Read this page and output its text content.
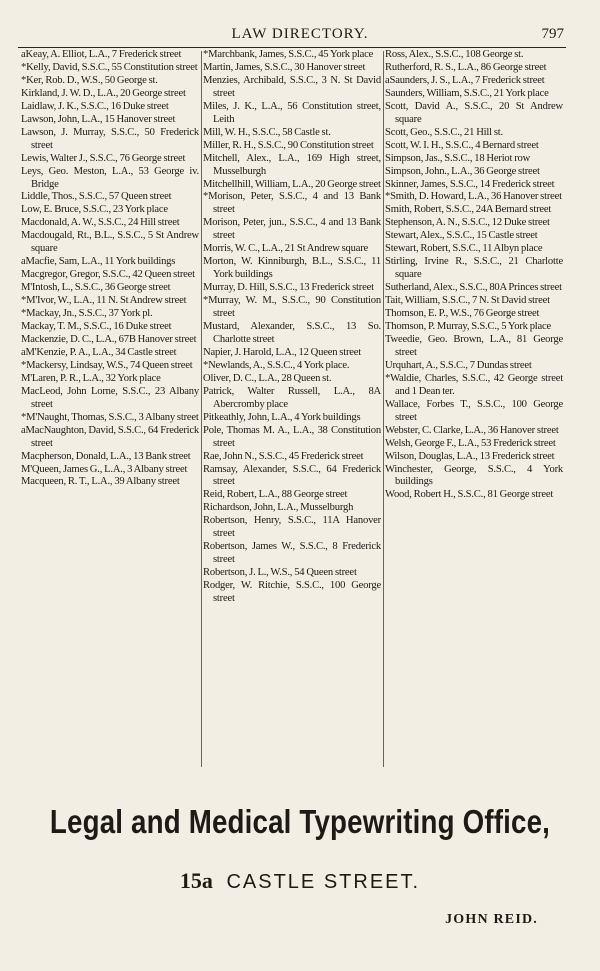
LAW DIRECTORY.	797
aKeay, A. Elliot, L.A., 7 Frederick street
*Kelly, David, S.S.C., 55 Constitution street
*Ker, Rob. D., W.S., 50 George st.
Kirkland, J. W. D., L.A., 20 George street
Laidlaw, J. K., S.S.C., 16 Duke street
Lawson, John, L.A., 15 Hanover street
Lawson, J. Murray, S.S.C., 50 Frederick street
Lewis, Walter J., S.S.C., 76 George street
Leys, Geo. Meston, L.A., 53 George iv. Bridge
Liddle, Thos., S.S.C., 57 Queen street
Low, E. Bruce, S.S.C., 23 York place
Macdonald, A. W., S.S.C., 24 Hill street
Macdougald, Rt., B.L., S.S.C., 5 St Andrew square
aMacfie, Sam, L.A., 11 York buildings
Macgregor, Gregor, S.S.C., 42 Queen street
M'Intosh, L., S.S.C., 36 George street
*M'Ivor, W., L.A., 11 N. St Andrew street
*Mackay, Jn., S.S.C., 37 York pl.
Mackay, T. M., S.S.C., 16 Duke street
Mackenzie, D. C., L.A., 67B Hanover street
aM'Kenzie, P. A., L.A., 34 Castle street
*Mackersy, Lindsay, W.S., 74 Queen street
M'Laren, P. R., L.A., 32 York place
MacLeod, John Lorne, S.S.C., 23 Albany street
*M'Naught, Thomas, S.S.C., 3 Albany street
aMacNaughton, David, S.S.C., 64 Frederick street
Macpherson, Donald, L.A., 13 Bank street
M'Queen, James G., L.A., 3 Albany street
Macqueen, R. T., L.A., 39 Albany street
*Marchbank, James, S.S.C., 45 York place
Martin, James, S.S.C., 30 Hanover street
Menzies, Archibald, S.S.C., 3 N. St David street
Miles, J. K., L.A., 56 Constitution street, Leith
Mill, W. H., S.S.C., 58 Castle st.
Miller, R. H., S.S.C., 90 Constitution street
Mitchell, Alex., L.A., 169 High street, Musselburgh
Mitchellhill, William, L.A., 20 George street
*Morison, Peter, S.S.C., 4 and 13 Bank street
Morison, Peter, jun., S.S.C., 4 and 13 Bank street
Morris, W. C., L.A., 21 St Andrew square
Morton, W. Kinniburgh, B.L., S.S.C., 11 York buildings
Murray, D. Hill, S.S.C., 13 Frederick street
*Murray, W. M., S.S.C., 90 Constitution street
Mustard, Alexander, S.S.C., 13 So. Charlotte street
Napier, J. Harold, L.A., 12 Queen street
*Newlands, A., S.S.C., 4 York place.
Oliver, D. C., L.A., 28 Queen st.
Patrick, Walter Russell, L.A., 8A Abercromby place
Pitkeathly, John, L.A., 4 York buildings
Pole, Thomas M. A., L.A., 38 Constitution street
Rae, John N., S.S.C., 45 Frederick street
Ramsay, Alexander, S.S.C., 64 Frederick street
Reid, Robert, L.A., 88 George street
Richardson, John, L.A., Musselburgh
Robertson, Henry, S.S.C., 11A Hanover street
Robertson, James W., S.S.C., 8 Frederick street
Robertson, J. L., W.S., 54 Queen street
Rodger, W. Ritchie, S.S.C., 100 George street
Ross, Alex., S.S.C., 108 George st.
Rutherford, R. S., L.A., 86 George street
aSaunders, J. S., L.A., 7 Frederick street
Saunders, William, S.S.C., 21 York place
Scott, David A., S.S.C., 20 St Andrew square
Scott, Geo., S.S.C., 21 Hill st.
Scott, W. I. H., S.S.C., 4 Bernard street
Simpson, Jas., S.S.C., 18 Heriot row
Simpson, John., L.A., 36 George street
Skinner, James, S.S.C., 14 Frederick street
*Smith, D. Howard, L.A., 36 Hanover street
Smith, Robert, S.S.C., 24A Bernard street
Stephenson, A. N., S.S.C., 12 Duke street
Stewart, Alex., S.S.C., 15 Castle street
Stewart, Robert, S.S.C., 11 Albyn place
Stirling, Irvine R., S.S.C., 21 Charlotte square
Sutherland, Alex., S.S.C., 80A Princes street
Tait, William, S.S.C., 7 N. St David street
Thomson, E. P., W.S., 76 George street
Thomson, P. Murray, S.S.C., 5 York place
Tweedie, Geo. Brown, L.A., 81 George street
Urquhart, A., S.S.C., 7 Dundas street
*Waldie, Charles, S.S.C., 42 George street and 1 Dean ter.
Wallace, Forbes T., S.S.C., 100 George street
Webster, C. Clarke, L.A., 36 Hanover street
Welsh, George F., L.A., 53 Frederick street
Wilson, Douglas, L.A., 13 Frederick street
Winchester, George, S.S.C., 4 York buildings
Wood, Robert H., S.S.C., 81 George street
Legal and Medical Typewriting Office,
15a CASTLE STREET.
JOHN REID.
